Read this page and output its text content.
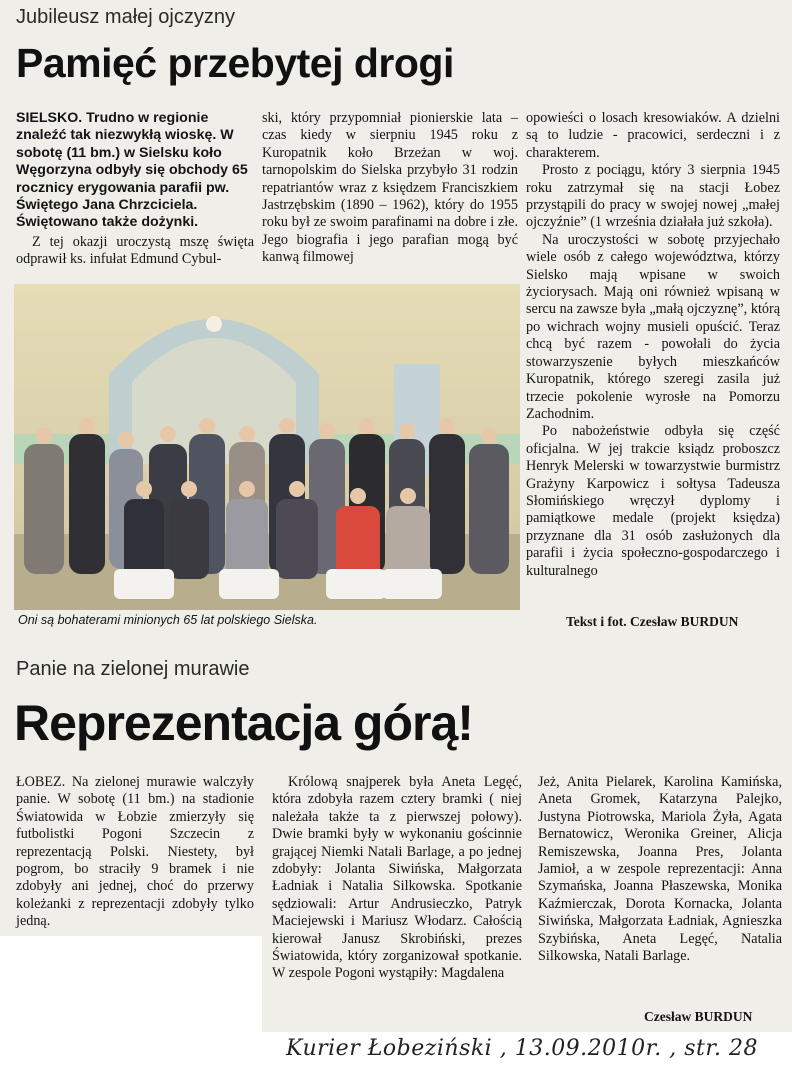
Jubileusz małej ojczyzny
Pamięć przebytej drogi

SIELSKO. Trudno w regionie znaleźć tak niezwykłą wioskę. W sobotę (11 bm.) w Sielsku koło Węgorzyna odbyły się obchody 65 rocznicy erygowania parafii pw. Świętego Jana Chrzciciela. Świętowano także dożynki.

Z tej okazji uroczystą mszę święta odprawił ks. infułat Edmund Cybul-

ski, który przypomniał pionierskie lata – czas kiedy w sierpniu 1945 roku z Kuropatnik koło Brzeżan w woj. tarnopolskim do Sielska przybyło 31 rodzin repatriantów wraz z księdzem Franciszkiem Jastrzębskim (1890 – 1962), który do 1955 roku był ze swoim parafinami na dobre i złe. Jego biografia i jego parafian mogą być kanwą filmowej

opowieści o losach kresowiaków. A dzielni są to ludzie - pracowici, serdeczni i z charakterem.

Prosto z pociągu, który 3 sierpnia 1945 roku zatrzymał się na stacji Łobez przystąpili do pracy w swojej nowej „małej ojczyźnie” (1 września działała już szkoła).

Na uroczystości w sobotę przyjechało wiele osób z całego województwa, którzy Sielsko mają wpisane w swoich życiorysach. Mają oni również wpisaną w sercu na zawsze była „małą ojczyznę”, którą po wichrach wojny musieli opuścić. Teraz chcą być razem - powołali do życia stowarzyszenie byłych mieszkańców Kuropatnik, którego szeregi zasila już trzecie pokolenie wyrosłe na Pomorzu Zachodnim.

Po nabożeństwie odbyła się część oficjalna. W jej trakcie ksiądz proboszcz Henryk Melerski w towarzystwie burmistrz Grażyny Karpowicz i sołtysa Tadeusza Słomińskiego wręczył dyplomy i pamiątkowe medale (projekt księdza) przyznane dla 31 osób zasłużonych dla parafii i życia społeczno-gospodarczego i kulturalnego

Oni są bohaterami minionych 65 lat polskiego Sielska.	Tekst i fot. Czesław BURDUN
Panie na zielonej murawie
Reprezentacja górą!

ŁOBEZ. Na zielonej murawie walczyły panie. W sobotę (11 bm.) na stadionie Światowida w Łobzie zmierzyły się futbolistki Pogoni Szczecin z reprezentacją Polski. Niestety, był pogrom, bo straciły 9 bramek i nie zdobyły ani jednej, choć do przerwy koleżanki z reprezentacji zdobyły tylko jedną.

Królową snajperek była Aneta Legęć, która zdobyła razem cztery bramki ( niej należała także ta z pierwszej połowy). Dwie bramki były w wykonaniu gościnnie grającej Niemki Natali Barlage, a po jednej zdobyły: Jolanta Siwińska, Małgorzata Ładniak i Natalia Silkowska. Spotkanie sędziowali: Artur Andrusieczko, Patryk Maciejewski i Mariusz Włodarz. Całością kierował Janusz Skrobiński, prezes Światowida, który zorganizował spotkanie. W zespole Pogoni wystąpiły: Magdalena

Jeż, Anita Pielarek, Karolina Kamińska, Aneta Gromek, Katarzyna Palejko, Justyna Piotrowska, Mariola Żyła, Agata Bernatowicz, Weronika Greiner, Alicja Remiszewska, Joanna Pres, Jolanta Jamioł, a w zespole reprezentacji: Anna Szymańska, Joanna Płaszewska, Monika Kaźmierczak, Dorota Kornacka, Jolanta Siwińska, Małgorzata Ładniak, Agnieszka Szybińska, Aneta Legęć, Natalia Silkowska, Natali Barlage.

Czesław BURDUN
Kurier Łobeziński , 13.09.2010r. , str. 28
